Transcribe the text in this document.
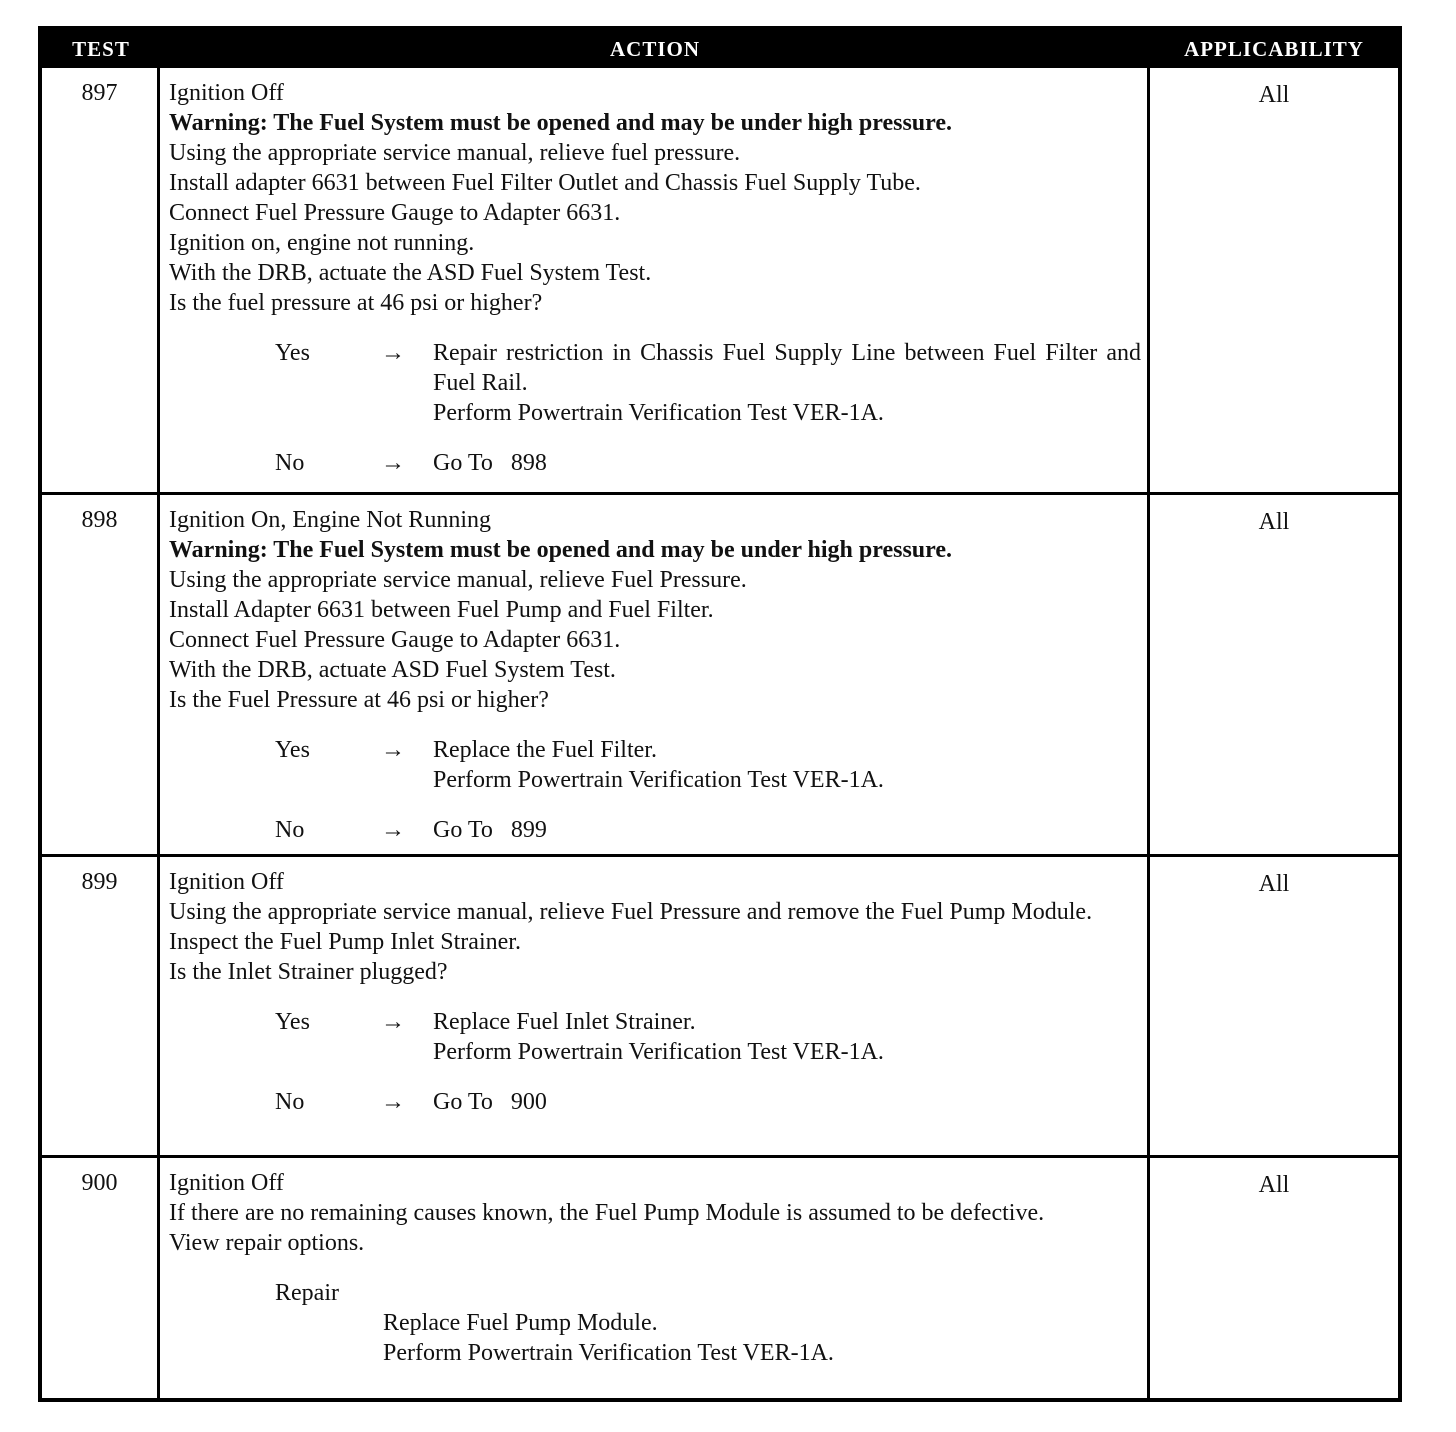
TEST	ACTION	APPLICABILITY
897	Ignition Off
Warning: The Fuel System must be opened and may be under high pressure.
Using the appropriate service manual, relieve fuel pressure.
Install adapter 6631 between Fuel Filter Outlet and Chassis Fuel Supply Tube.
Connect Fuel Pressure Gauge to Adapter 6631.
Ignition on, engine not running.
With the DRB, actuate the ASD Fuel System Test.
Is the fuel pressure at 46 psi or higher?
Yes	→	Repair restriction in Chassis Fuel Supply Line between Fuel Filter and Fuel Rail.
Perform Powertrain Verification Test VER-1A.
No	→	Go To   898
All
898	Ignition On, Engine Not Running
Warning: The Fuel System must be opened and may be under high pressure.
Using the appropriate service manual, relieve Fuel Pressure.
Install Adapter 6631 between Fuel Pump and Fuel Filter.
Connect Fuel Pressure Gauge to Adapter 6631.
With the DRB, actuate ASD Fuel System Test.
Is the Fuel Pressure at 46 psi or higher?
Yes	→	Replace the Fuel Filter.
Perform Powertrain Verification Test VER-1A.
No	→	Go To   899
All
899	Ignition Off
Using the appropriate service manual, relieve Fuel Pressure and remove the Fuel Pump Module.
Inspect the Fuel Pump Inlet Strainer.
Is the Inlet Strainer plugged?
Yes	→	Replace Fuel Inlet Strainer.
Perform Powertrain Verification Test VER-1A.
No	→	Go To   900
All
900	Ignition Off
If there are no remaining causes known, the Fuel Pump Module is assumed to be defective.
View repair options.
Repair
Replace Fuel Pump Module.
Perform Powertrain Verification Test VER-1A.
All
